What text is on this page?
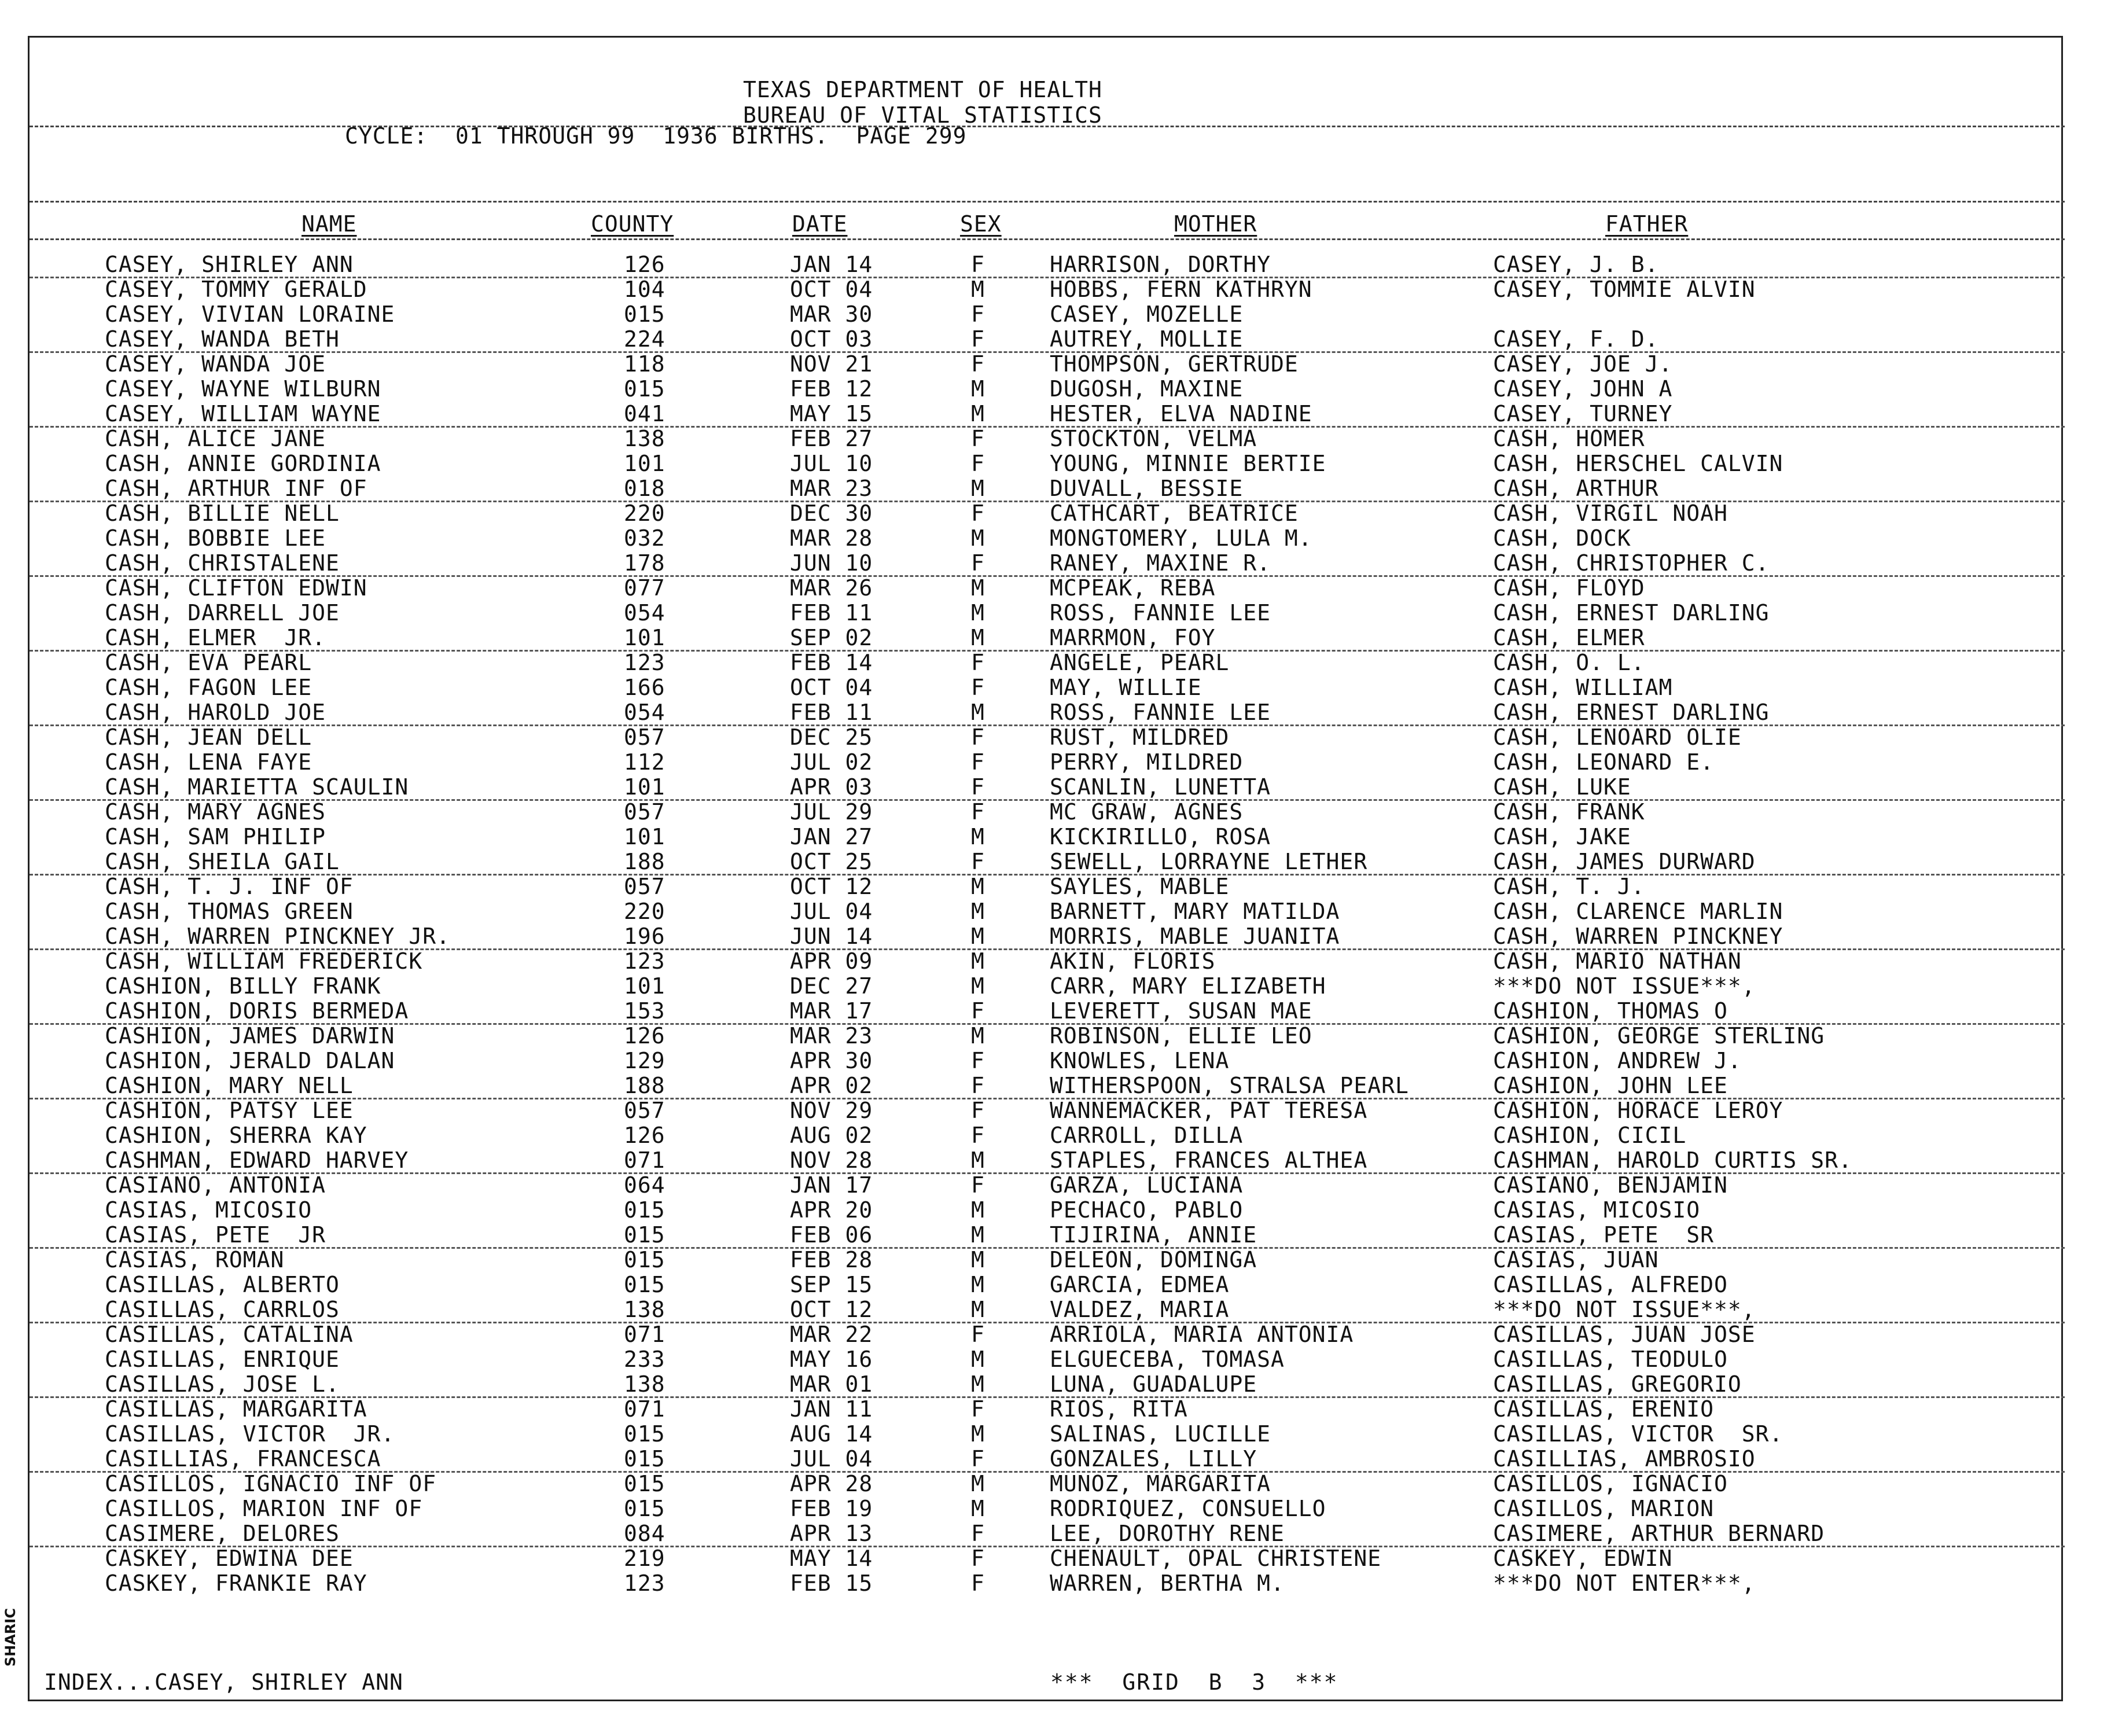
TEXAS DEPARTMENT OF HEALTH
BUREAU OF VITAL STATISTICS
CYCLE:  01 THROUGH 99  1936 BIRTHS.  PAGE 299
NAME	COUNTY	DATE	SEX	MOTHER	FATHER
CASEY, SHIRLEY ANN	126	JAN 14	F	HARRISON, DORTHY	CASEY, J. B.
CASEY, TOMMY GERALD	104	OCT 04	M	HOBBS, FERN KATHRYN	CASEY, TOMMIE ALVIN
CASEY, VIVIAN LORAINE	015	MAR 30	F	CASEY, MOZELLE
CASEY, WANDA BETH	224	OCT 03	F	AUTREY, MOLLIE	CASEY, F. D.
CASEY, WANDA JOE	118	NOV 21	F	THOMPSON, GERTRUDE	CASEY, JOE J.
CASEY, WAYNE WILBURN	015	FEB 12	M	DUGOSH, MAXINE	CASEY, JOHN A
CASEY, WILLIAM WAYNE	041	MAY 15	M	HESTER, ELVA NADINE	CASEY, TURNEY
CASH, ALICE JANE	138	FEB 27	F	STOCKTON, VELMA	CASH, HOMER
CASH, ANNIE GORDINIA	101	JUL 10	F	YOUNG, MINNIE BERTIE	CASH, HERSCHEL CALVIN
CASH, ARTHUR INF OF	018	MAR 23	M	DUVALL, BESSIE	CASH, ARTHUR
CASH, BILLIE NELL	220	DEC 30	F	CATHCART, BEATRICE	CASH, VIRGIL NOAH
CASH, BOBBIE LEE	032	MAR 28	M	MONGTOMERY, LULA M.	CASH, DOCK
CASH, CHRISTALENE	178	JUN 10	F	RANEY, MAXINE R.	CASH, CHRISTOPHER C.
CASH, CLIFTON EDWIN	077	MAR 26	M	MCPEAK, REBA	CASH, FLOYD
CASH, DARRELL JOE	054	FEB 11	M	ROSS, FANNIE LEE	CASH, ERNEST DARLING
CASH, ELMER  JR.	101	SEP 02	M	MARRMON, FOY	CASH, ELMER
CASH, EVA PEARL	123	FEB 14	F	ANGELE, PEARL	CASH, O. L.
CASH, FAGON LEE	166	OCT 04	F	MAY, WILLIE	CASH, WILLIAM
CASH, HAROLD JOE	054	FEB 11	M	ROSS, FANNIE LEE	CASH, ERNEST DARLING
CASH, JEAN DELL	057	DEC 25	F	RUST, MILDRED	CASH, LENOARD OLIE
CASH, LENA FAYE	112	JUL 02	F	PERRY, MILDRED	CASH, LEONARD E.
CASH, MARIETTA SCAULIN	101	APR 03	F	SCANLIN, LUNETTA	CASH, LUKE
CASH, MARY AGNES	057	JUL 29	F	MC GRAW, AGNES	CASH, FRANK
CASH, SAM PHILIP	101	JAN 27	M	KICKIRILLO, ROSA	CASH, JAKE
CASH, SHEILA GAIL	188	OCT 25	F	SEWELL, LORRAYNE LETHER	CASH, JAMES DURWARD
CASH, T. J. INF OF	057	OCT 12	M	SAYLES, MABLE	CASH, T. J.
CASH, THOMAS GREEN	220	JUL 04	M	BARNETT, MARY MATILDA	CASH, CLARENCE MARLIN
CASH, WARREN PINCKNEY JR.	196	JUN 14	M	MORRIS, MABLE JUANITA	CASH, WARREN PINCKNEY
CASH, WILLIAM FREDERICK	123	APR 09	M	AKIN, FLORIS	CASH, MARIO NATHAN
CASHION, BILLY FRANK	101	DEC 27	M	CARR, MARY ELIZABETH	***DO NOT ISSUE***,
CASHION, DORIS BERMEDA	153	MAR 17	F	LEVERETT, SUSAN MAE	CASHION, THOMAS O
CASHION, JAMES DARWIN	126	MAR 23	M	ROBINSON, ELLIE LEO	CASHION, GEORGE STERLING
CASHION, JERALD DALAN	129	APR 30	F	KNOWLES, LENA	CASHION, ANDREW J.
CASHION, MARY NELL	188	APR 02	F	WITHERSPOON, STRALSA PEARL	CASHION, JOHN LEE
CASHION, PATSY LEE	057	NOV 29	F	WANNEMACKER, PAT TERESA	CASHION, HORACE LEROY
CASHION, SHERRA KAY	126	AUG 02	F	CARROLL, DILLA	CASHION, CICIL
CASHMAN, EDWARD HARVEY	071	NOV 28	M	STAPLES, FRANCES ALTHEA	CASHMAN, HAROLD CURTIS SR.
CASIANO, ANTONIA	064	JAN 17	F	GARZA, LUCIANA	CASIANO, BENJAMIN
CASIAS, MICOSIO	015	APR 20	M	PECHACO, PABLO	CASIAS, MICOSIO
CASIAS, PETE  JR	015	FEB 06	M	TIJIRINA, ANNIE	CASIAS, PETE  SR
CASIAS, ROMAN	015	FEB 28	M	DELEON, DOMINGA	CASIAS, JUAN
CASILLAS, ALBERTO	015	SEP 15	M	GARCIA, EDMEA	CASILLAS, ALFREDO
CASILLAS, CARRLOS	138	OCT 12	M	VALDEZ, MARIA	***DO NOT ISSUE***,
CASILLAS, CATALINA	071	MAR 22	F	ARRIOLA, MARIA ANTONIA	CASILLAS, JUAN JOSE
CASILLAS, ENRIQUE	233	MAY 16	M	ELGUECEBA, TOMASA	CASILLAS, TEODULO
CASILLAS, JOSE L.	138	MAR 01	M	LUNA, GUADALUPE	CASILLAS, GREGORIO
CASILLAS, MARGARITA	071	JAN 11	F	RIOS, RITA	CASILLAS, ERENIO
CASILLAS, VICTOR  JR.	015	AUG 14	M	SALINAS, LUCILLE	CASILLAS, VICTOR  SR.
CASILLIAS, FRANCESCA	015	JUL 04	F	GONZALES, LILLY	CASILLIAS, AMBROSIO
CASILLOS, IGNACIO INF OF	015	APR 28	M	MUNOZ, MARGARITA	CASILLOS, IGNACIO
CASILLOS, MARION INF OF	015	FEB 19	M	RODRIQUEZ, CONSUELLO	CASILLOS, MARION
CASIMERE, DELORES	084	APR 13	F	LEE, DOROTHY RENE	CASIMERE, ARTHUR BERNARD
CASKEY, EDWINA DEE	219	MAY 14	F	CHENAULT, OPAL CHRISTENE	CASKEY, EDWIN
CASKEY, FRANKIE RAY	123	FEB 15	F	WARREN, BERTHA M.	***DO NOT ENTER***,
INDEX...CASEY, SHIRLEY ANN	***  GRID  B  3  ***
SHARIC
